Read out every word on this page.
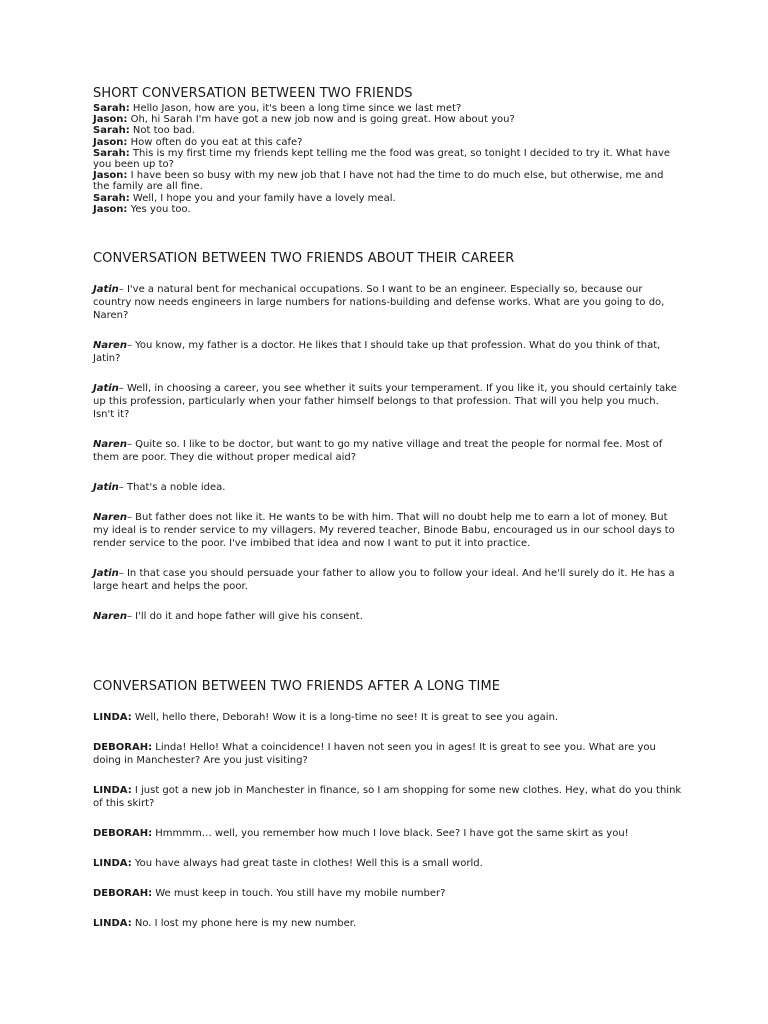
SHORT CONVERSATION BETWEEN TWO FRIENDS

Sarah: Hello Jason, how are you, it's been a long time since we last met?

Jason: Oh, hi Sarah I'm have got a new job now and is going great. How about you?

Sarah: Not too bad.

Jason: How often do you eat at this cafe?

Sarah: This is my first time my friends kept telling me the food was great, so tonight I decided to try it. What have you been up to?

Jason: I have been so busy with my new job that I have not had the time to do much else, but otherwise, me and the family are all fine.

Sarah: Well, I hope you and your family have a lovely meal.

Jason: Yes you too.

CONVERSATION BETWEEN TWO FRIENDS ABOUT THEIR CAREER

Jatin– I've a natural bent for mechanical occupations. So I want to be an engineer. Especially so, because our country now needs engineers in large numbers for nations-building and defense works. What are you going to do, Naren?

Naren– You know, my father is a doctor. He likes that I should take up that profession. What do you think of that, Jatin?

Jatin– Well, in choosing a career, you see whether it suits your temperament. If you like it, you should certainly take up this profession, particularly when your father himself belongs to that profession. That will you help you much. Isn't it?

Naren– Quite so. I like to be doctor, but want to go my native village and treat the people for normal fee. Most of them are poor. They die without proper medical aid?

Jatin– That's a noble idea.

Naren– But father does not like it. He wants to be with him. That will no doubt help me to earn a lot of money. But my ideal is to render service to my villagers. My revered teacher, Binode Babu, encouraged us in our school days to render service to the poor. I've imbibed that idea and now I want to put it into practice.

Jatin– In that case you should persuade your father to allow you to follow your ideal. And he'll surely do it. He has a large heart and helps the poor.

Naren– I'll do it and hope father will give his consent.

CONVERSATION BETWEEN TWO FRIENDS AFTER A LONG TIME

LINDA: Well, hello there, Deborah! Wow it is a long-time no see! It is great to see you again.

DEBORAH: Linda! Hello! What a coincidence! I haven not seen you in ages! It is great to see you. What are you doing in Manchester? Are you just visiting?

LINDA: I just got a new job in Manchester in finance, so I am shopping for some new clothes. Hey, what do you think of this skirt?

DEBORAH: Hmmmm… well, you remember how much I love black. See? I have got the same skirt as you!

LINDA: You have always had great taste in clothes! Well this is a small world.

DEBORAH: We must keep in touch. You still have my mobile number?

LINDA: No. I lost my phone here is my new number.
